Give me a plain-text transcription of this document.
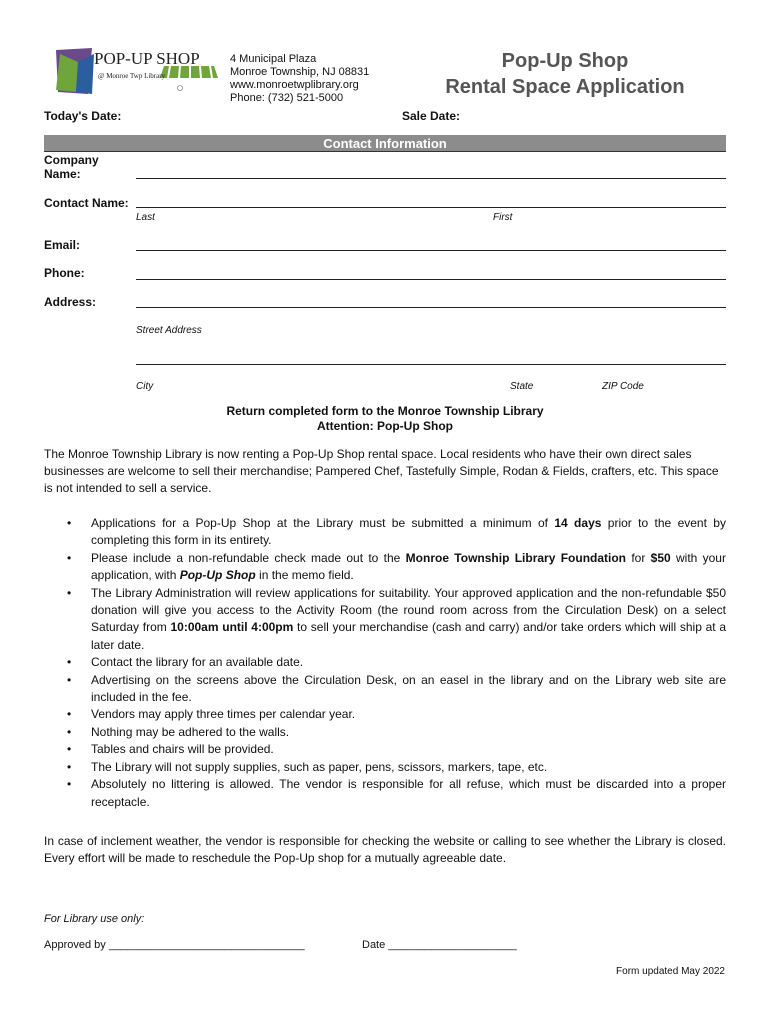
POP-UP SHOP
@ Monroe Twp Library
4 Municipal Plaza
Monroe Township, NJ 08831
www.monroetwplibrary.org
Phone: (732) 521-5000
Pop-Up Shop
Rental Space Application
Today's Date:	Sale Date:
Contact Information
Company
Name:
Contact Name:
Last	First
Email:
Phone:
Address:
Street Address
City	State	ZIP Code
Return completed form to the Monroe Township Library
Attention: Pop-Up Shop
The Monroe Township Library is now renting a Pop-Up Shop rental space. Local residents who have their own direct sales businesses are welcome to sell their merchandise; Pampered Chef, Tastefully Simple, Rodan & Fields, crafters, etc. This space is not intended to sell a service.
• Applications for a Pop-Up Shop at the Library must be submitted a minimum of 14 days prior to the event by completing this form in its entirety.
• Please include a non-refundable check made out to the Monroe Township Library Foundation for $50 with your application, with Pop-Up Shop in the memo field.
• The Library Administration will review applications for suitability. Your approved application and the non-refundable $50 donation will give you access to the Activity Room (the round room across from the Circulation Desk) on a select Saturday from 10:00am until 4:00pm to sell your merchandise (cash and carry) and/or take orders which will ship at a later date.
• Contact the library for an available date.
• Advertising on the screens above the Circulation Desk, on an easel in the library and on the Library web site are included in the fee.
• Vendors may apply three times per calendar year.
• Nothing may be adhered to the walls.
• Tables and chairs will be provided.
• The Library will not supply supplies, such as paper, pens, scissors, markers, tape, etc.
• Absolutely no littering is allowed. The vendor is responsible for all refuse, which must be discarded into a proper receptacle.
In case of inclement weather, the vendor is responsible for checking the website or calling to see whether the Library is closed. Every effort will be made to reschedule the Pop-Up shop for a mutually agreeable date.
For Library use only:
Approved by ________________________________	Date _____________________
Form updated May 2022
